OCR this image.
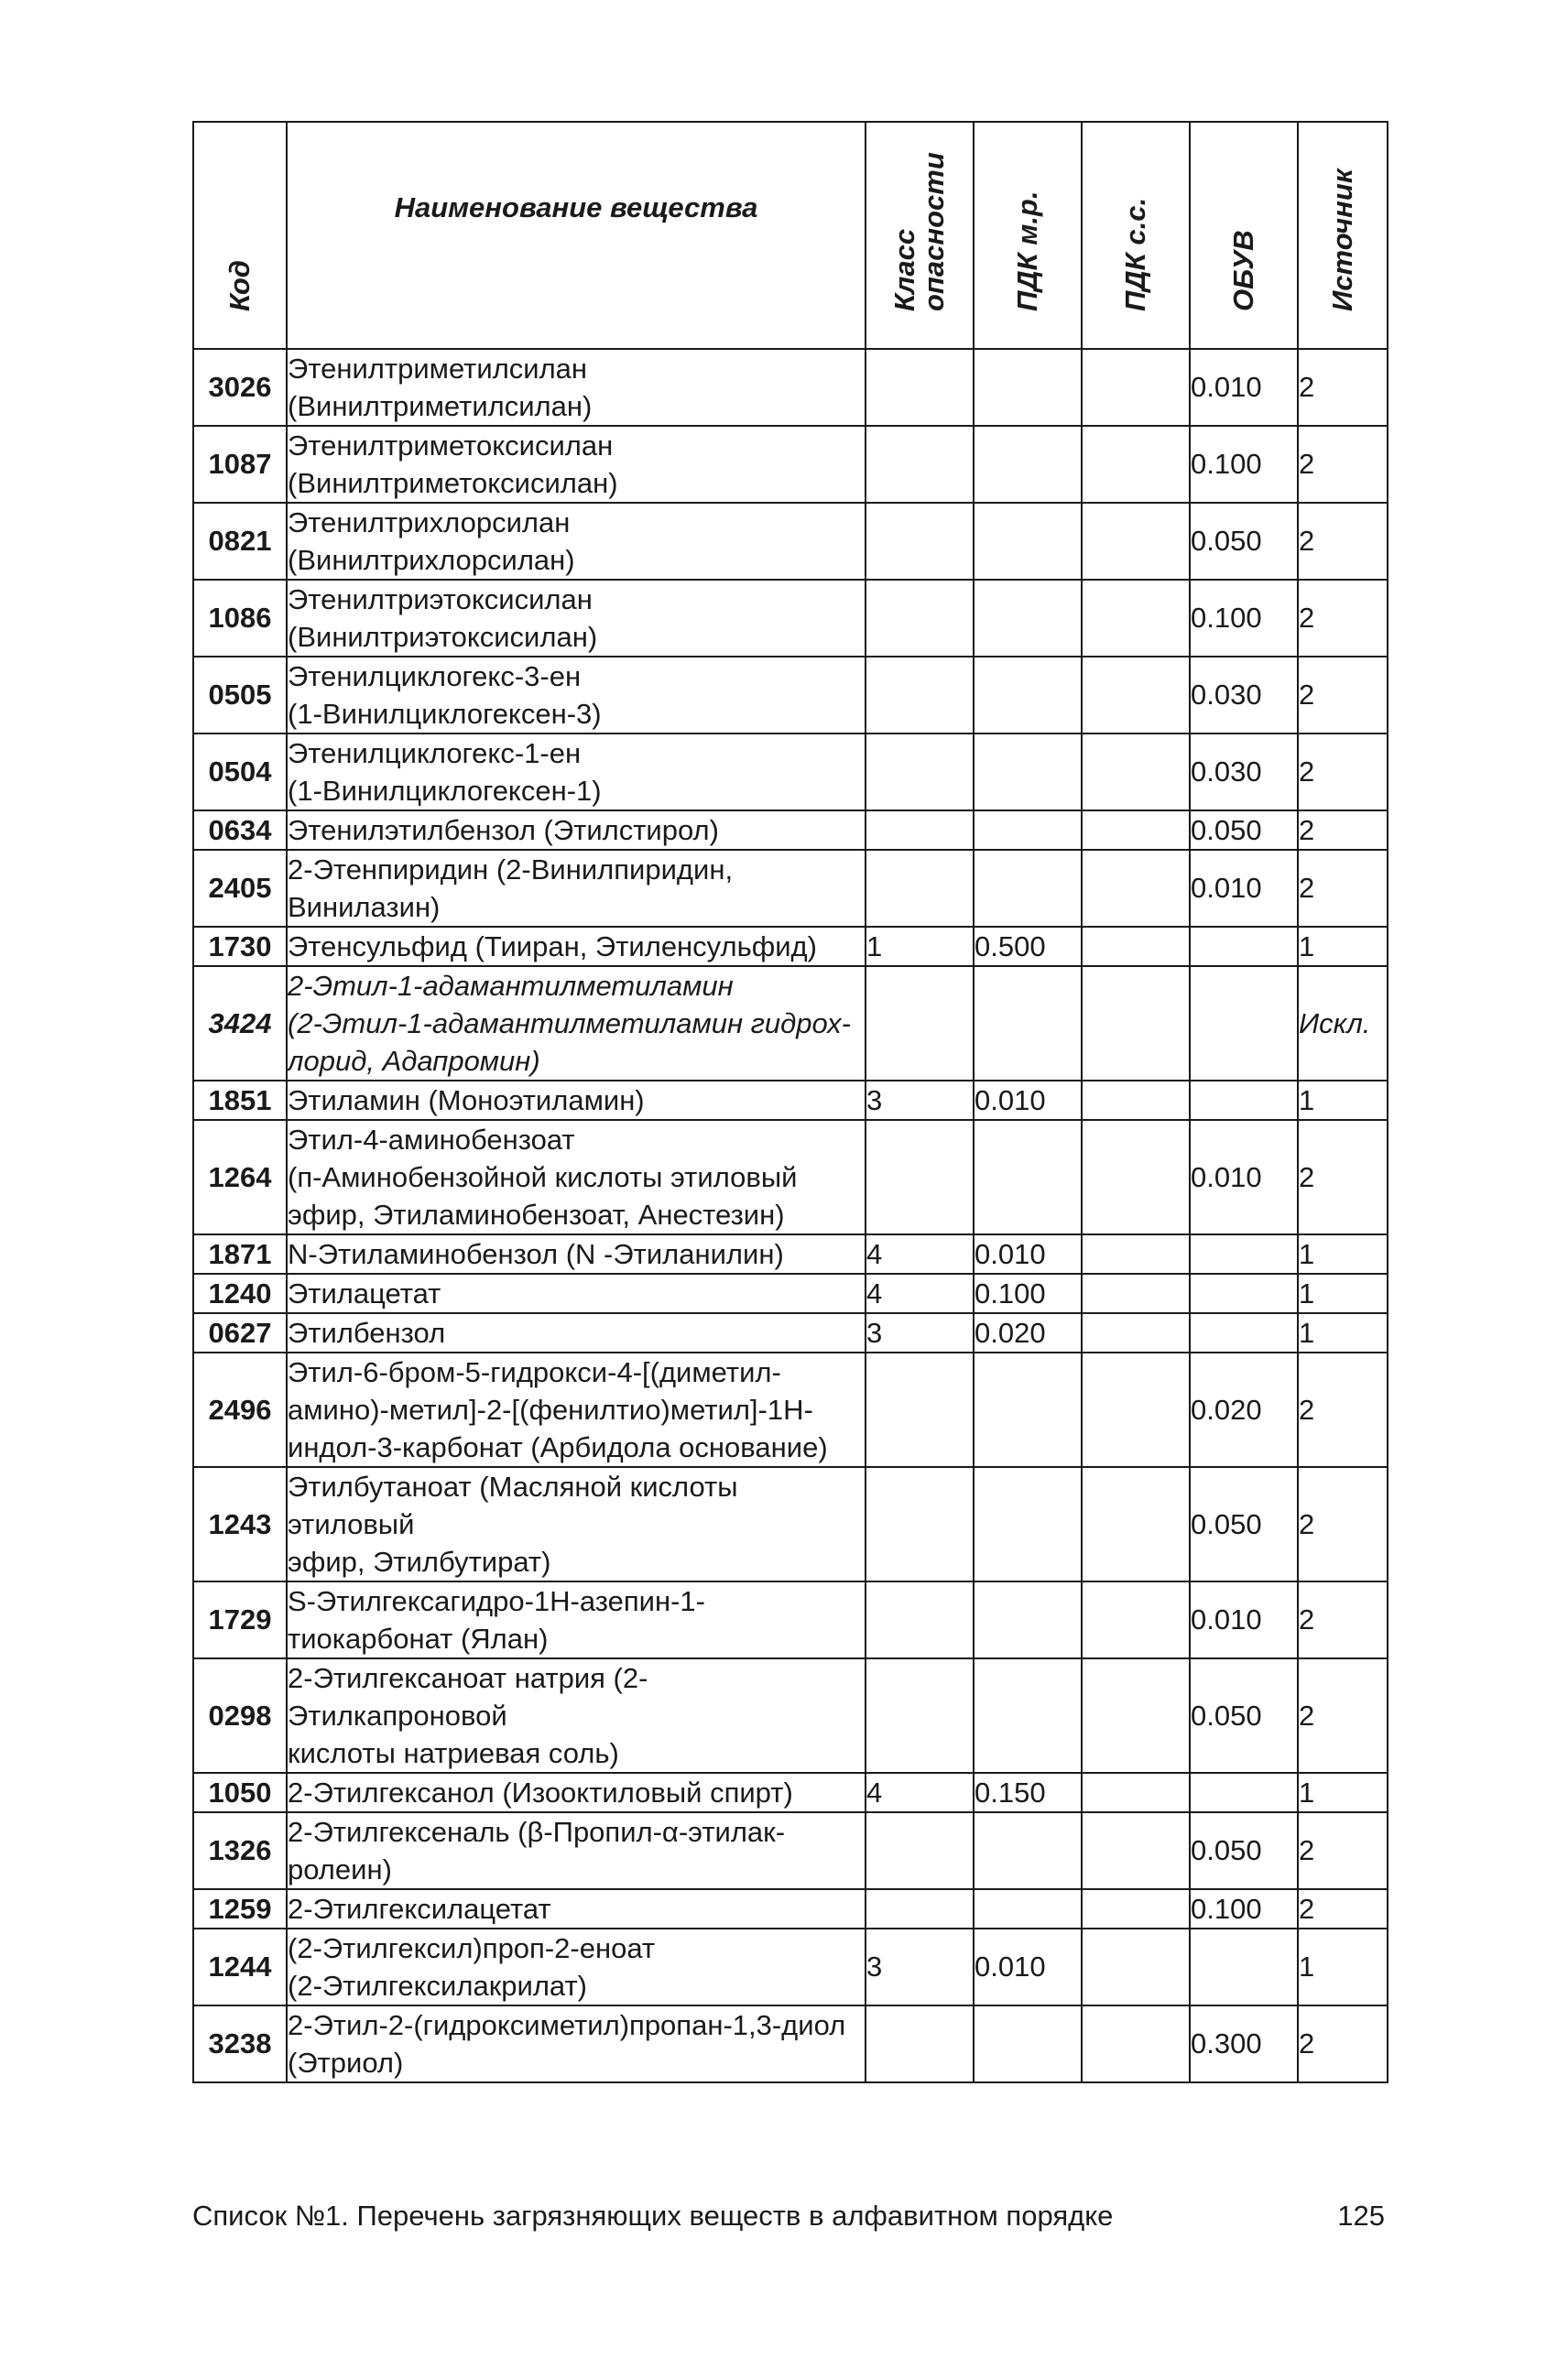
Код	Наименование вещества	Класс
опасности	ПДК м.р.	ПДК с.с.	ОБУВ	Источник

3026	Этенилтриметилсилан
(Винилтриметилсилан)				0.010	2
1087	Этенилтриметоксисилан
(Винилтриметоксисилан)				0.100	2
0821	Этенилтрихлорсилан (Винилтрихлорсилан)				0.050	2
1086	Этенилтриэтоксисилан
(Винилтриэтоксисилан)				0.100	2
0505	Этенилциклогекс-3-ен
(1-Винилциклогексен-3)				0.030	2
0504	Этенилциклогекс-1-ен
(1-Винилциклогексен-1)				0.030	2
0634	Этенилэтилбензол (Этилстирол)				0.050	2
2405	2-Этенпиридин (2-Винилпиридин,
Винилазин)				0.010	2
1730	Этенсульфид (Тииран, Этиленсульфид)	1	0.500			1
3424	2-Этил-1-адамантилметиламин
(2-Этил-1-адамантилметиламин гидрох-
лорид, Адапромин)					Искл.
1851	Этиламин (Моноэтиламин)	3	0.010			1
1264	Этил-4-аминобензоат
(п-Аминобензойной кислоты этиловый
эфир, Этиламинобензоат, Анестезин)				0.010	2
1871	N-Этиламинобензол (N -Этиланилин)	4	0.010			1
1240	Этилацетат	4	0.100			1
0627	Этилбензол	3	0.020			1
2496	Этил-6-бром-5-гидрокси-4-[(диметил-
амино)-метил]-2-[(фенилтио)метил]-1Н-
индол-3-карбонат (Арбидола основание)				0.020	2
1243	Этилбутаноат (Масляной кислоты этиловый
эфир, Этилбутират)				0.050	2
1729	S-Этилгексагидро-1Н-азепин-1-
тиокарбонат (Ялан)				0.010	2
0298	2-Этилгексаноат натрия (2-Этилкапроновой
кислоты натриевая соль)				0.050	2
1050	2-Этилгексанол (Изооктиловый спирт)	4	0.150			1
1326	2-Этилгексеналь (β-Пропил-α-этилак-
ролеин)				0.050	2
1259	2-Этилгексилацетат				0.100	2
1244	(2-Этилгексил)проп-2-еноат
(2-Этилгексилакрилат)	3	0.010			1
3238	2-Этил-2-(гидроксиметил)пропан-1,3-диол
(Этриол)				0.300	2
Список №1. Перечень загрязняющих веществ в алфавитном порядке	125
